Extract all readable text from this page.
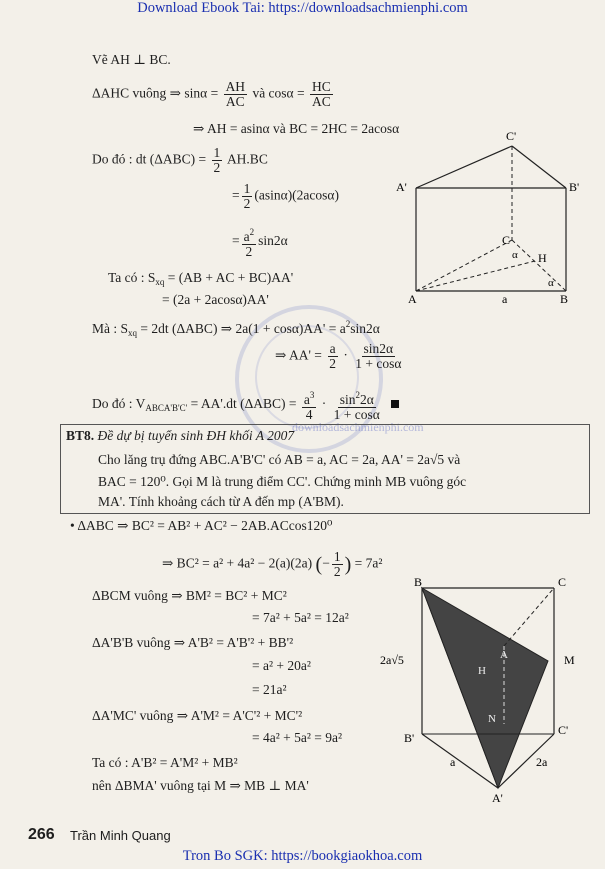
Download Ebook Tai: https://downloadsachmienphi.com
downloadsachmienphi.com
Vẽ AH ⊥ BC.
ΔAHC vuông ⇒ $\sin\alpha = \frac{AH}{AC}$ và $\cos\alpha = \frac{HC}{AC}$
⇒ AH = asinα và BC = 2HC = 2acosα
Do đó : dt $(\Delta ABC) = \frac{1}{2} AH.BC$
= $\frac{1}{2} (asin\alpha)(2acos\alpha)$
= $\frac{a^2}{2} \sin 2\alpha$
Ta có : $S_{xq} = (AB$ + AC + BC)AA'
= (2a + 2acosα)AA'
Mà : $S_{xq} = 2dt$ (ΔABC) ⇒ $2a(1 + \cos\alpha)AA' = a^2\sin 2\alpha$
⇒ $AA' = \frac{a}{2} \cdot \frac{\sin 2\alpha}{1 + \cos\alpha}$
Do đó : $V_{ABCA'B'C'} = AA'.dt$ $(\Delta ABC) = \frac{a^3}{4} \cdot \frac{\sin^22\alpha}{1 + \cos\alpha}$

C'
A'	B'
C
H
α
α
A	a	B
BT8. Đề dự bị tuyển sinh ĐH khối A 2007
Cho lăng trụ đứng ABC.A'B'C' có AB = a, AC = 2a, AA' = 2a√5 và
BAC = 120⁰. Gọi M là trung điểm CC'. Chứng minh MB vuông góc
MA'. Tính khoảng cách từ A đến mp (A'BM).
• ΔABC ⇒ BC² = AB² + AC² − 2AB.ACcos120⁰
⇒ BC² = a² + 4a² − 2(a)(2a) (− $\frac{1}{2}$ ) = 7a²
ΔBCM vuông ⇒ BM² = BC² + MC²
= 7a² + 5a² = 12a²
ΔA'B'B vuông ⇒ A'B² = A'B'² + BB'²
= a² + 20a²
= 21a²
ΔA'MC' vuông ⇒ A'M² = A'C'² + MC'²
= 4a² + 5a² = 9a²
Ta có : A'B² = A'M² + MB²
nên ΔBMA' vuông tại M ⇒ MB ⊥ MA'
B	C
A	M
H
2a√5
N
B'
C'
a	2a
A'
266 Trần Minh Quang
Tron Bo SGK: https://bookgiaokhoa.com
